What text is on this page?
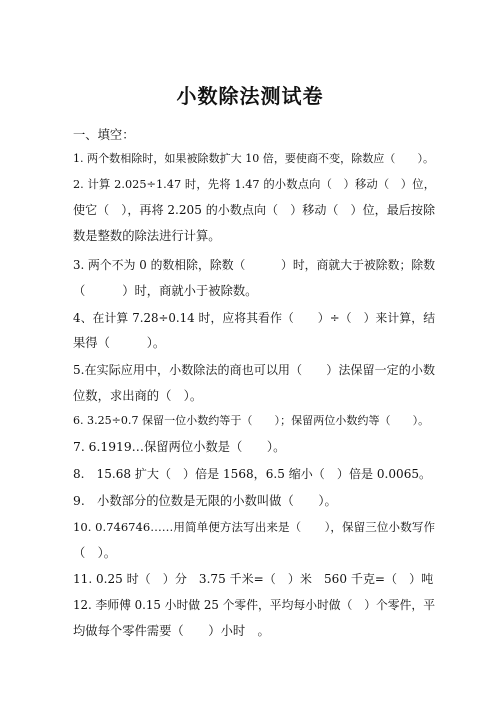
小数除法测试卷
一、填空：
1. 两个数相除时，如果被除数扩大 10 倍，要使商不变，除数应（　　）。
2. 计算 2.025÷1.47 时，先将 1.47 的小数点向（　）移动（　）位，
使它（　），再将 2.205 的小数点向（　）移动（　）位，最后按除
数是整数的除法进行计算。
3. 两个不为 0 的数相除，除数（　　　）时，商就大于被除数；除数
（　　　）时，商就小于被除数。
4、在计算 7.28÷0.14 时，应将其看作（　　）÷（　）来计算，结
果得（　　　）。
5.在实际应用中，小数除法的商也可以用（　　）法保留一定的小数
位数，求出商的（　）。
6. 3.25÷0.7 保留一位小数约等于（　　）；保留两位小数约等（　　）。
7. 6.1919…保留两位小数是（　　）。
8.　15.68 扩大（　）倍是 1568，6.5 缩小（　）倍是 0.0065。
9.　小数部分的位数是无限的小数叫做（　　）。
10. 0.746746……用简单便方法写出来是（　　），保留三位小数写作
（　）。
11. 0.25 时（　）分　3.75 千米=（　）米　560 千克=（　）吨
12. 李师傅 0.15 小时做 25 个零件，平均每小时做（　）个零件，平
均做每个零件需要（　　）小时　。
